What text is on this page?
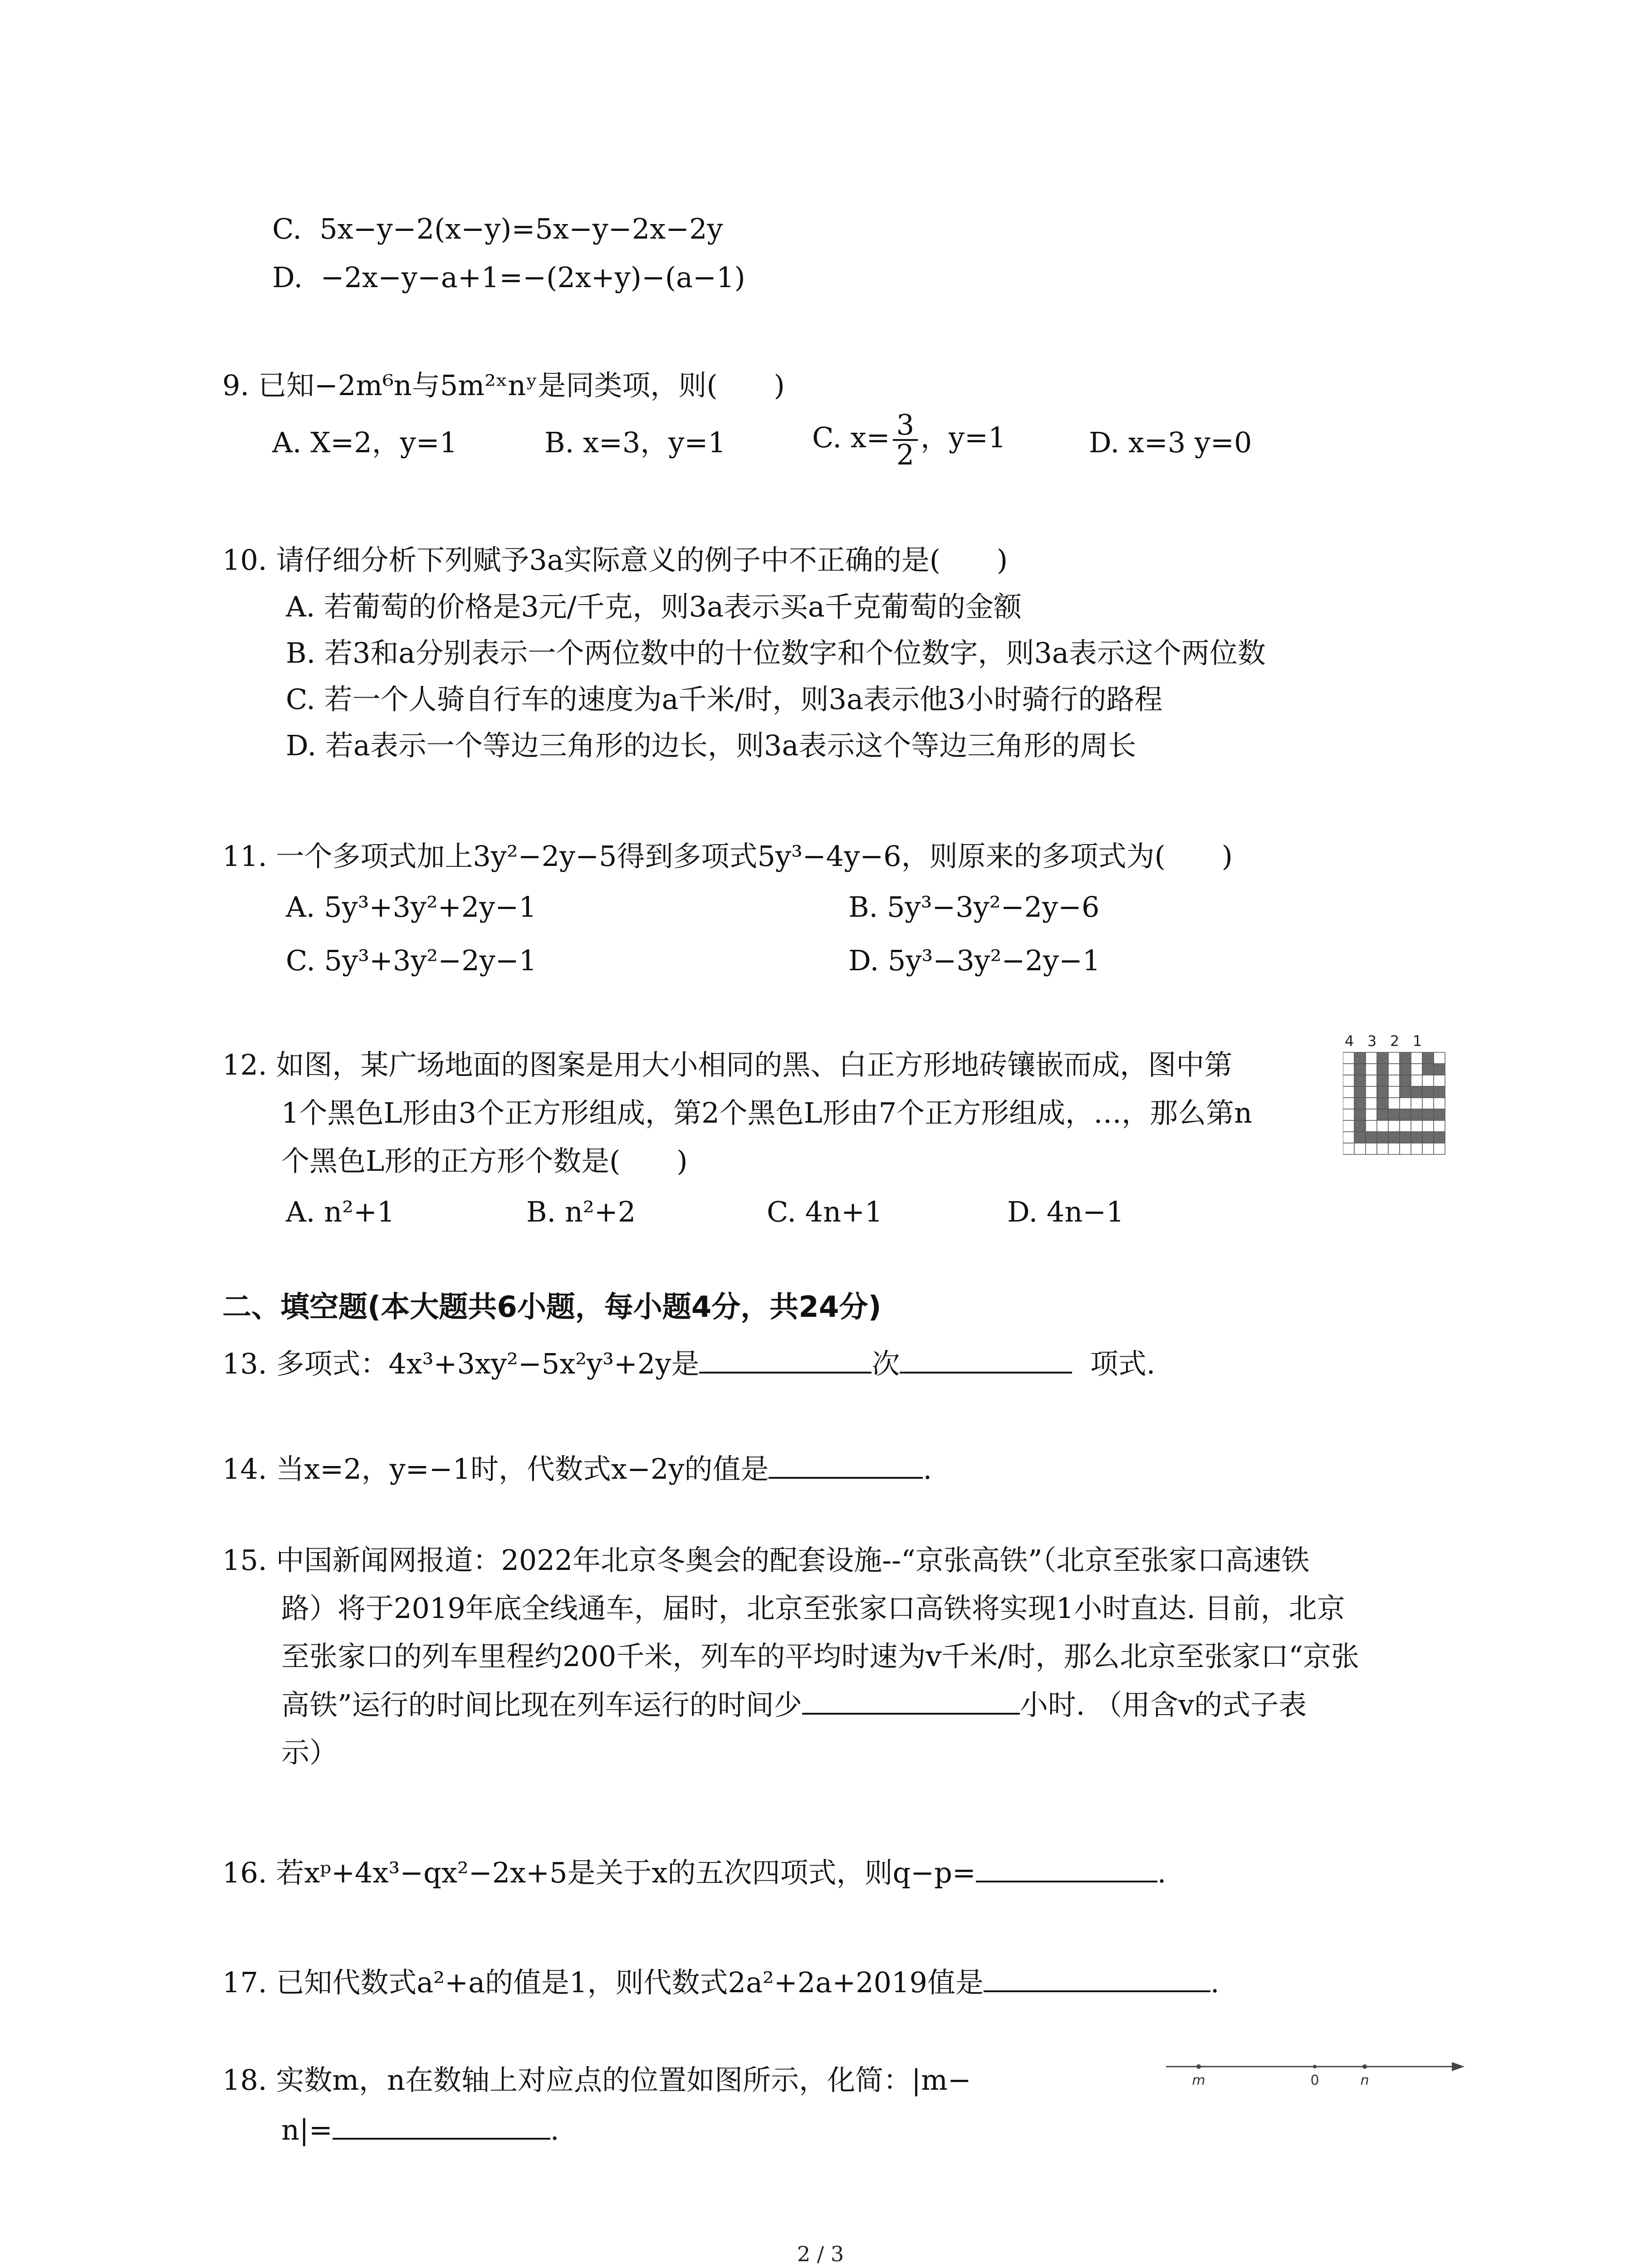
C. 5x−y−2(x−y)=5x−y−2x−2y
D. −2x−y−a+1=−(2x+y)−(a−1)
9. 已知−2m⁶n与5m²ˣnʸ是同类项，则(　　)
A. X=2，y=1	B. x=3，y=1	C. $x= \frac{3}{2}$ ，y=1	D. x=3 y=0
10. 请仔细分析下列赋予3a实际意义的例子中不正确的是(　　)
A. 若葡萄的价格是3元/千克，则3a表示买a千克葡萄的金额
B. 若3和a分别表示一个两位数中的十位数字和个位数字，则3a表示这个两位数
C. 若一个人骑自行车的速度为a千米/时，则3a表示他3小时骑行的路程
D. 若a表示一个等边三角形的边长，则3a表示这个等边三角形的周长
11. 一个多项式加上3y²−2y−5得到多项式5y³−4y−6，则原来的多项式为(　　)
A. 5y³+3y²+2y−1	B. 5y³−3y²−2y−6
C. 5y³+3y²−2y−1	D. 5y³−3y²−2y−1
12. 如图，某广场地面的图案是用大小相同的黑、白正方形地砖镶嵌而成，图中第
1个黑色L形由3个正方形组成，第2个黑色L形由7个正方形组成，…，那么第n
个黑色L形的正方形个数是(　　)
A. n²+1	B. n²+2	C. 4n+1	D. 4n−1
4 3 2 1
二、填空题(本大题共6小题，每小题4分，共24分)
13. 多项式：4x³+3xy²−5x²y³+2y是	次	项式.
14. 当x=2，y=−1时，代数式x−2y的值是	.
15. 中国新闻网报道：2022年北京冬奥会的配套设施--“京张高铁”（北京至张家口高速铁
路）将于2019年底全线通车，届时，北京至张家口高铁将实现1小时直达. 目前，北京
至张家口的列车里程约200千米，列车的平均时速为v千米/时，那么北京至张家口“京张
高铁”运行的时间比现在列车运行的时间少	小时. （用含v的式子表
示）
16. 若xᵖ+4x³−qx²−2x+5是关于x的五次四项式，则q−p=	.
17. 已知代数式a²+a的值是1，则代数式2a²+2a+2019值是	.
18. 实数m，n在数轴上对应点的位置如图所示，化简：|m−
n|=	.
m	0	n
2 / 3
